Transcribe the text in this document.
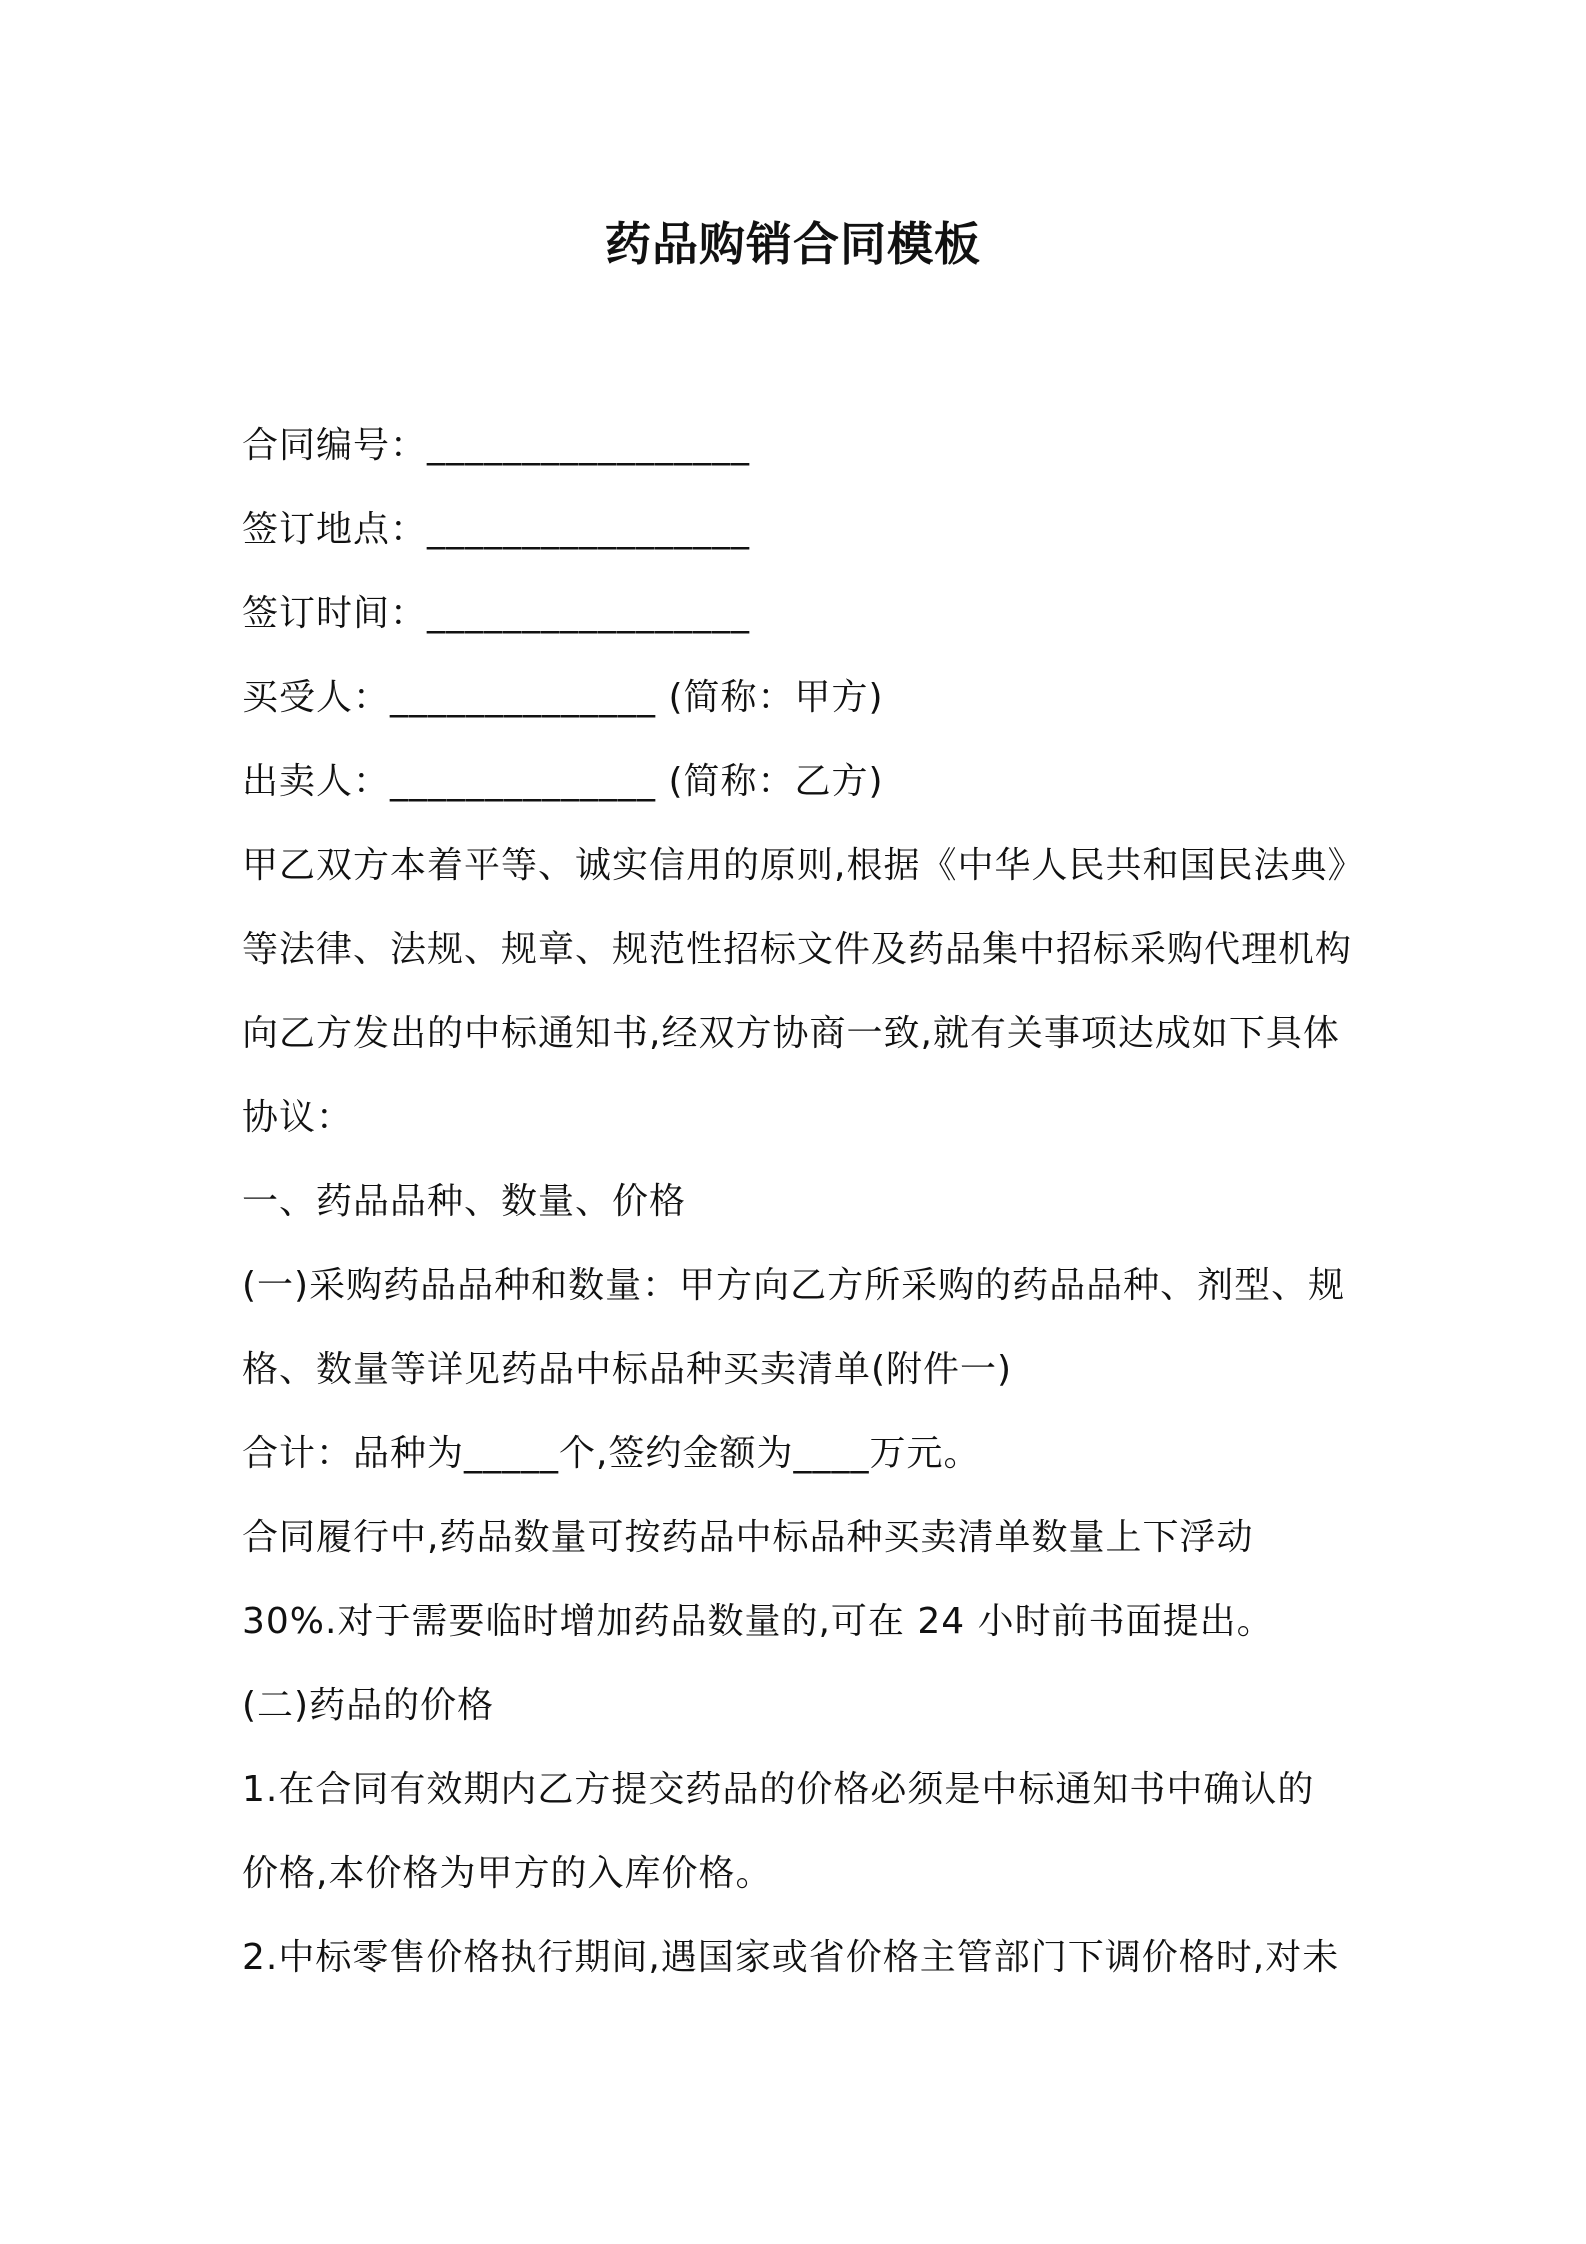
药品购销合同模板
合同编号：_________________
签订地点：_________________
签订时间：_________________
买受人：______________ (简称：甲方)
出卖人：______________ (简称：乙方)
甲乙双方本着平等、诚实信用的原则,根据《中华人民共和国民法典》
等法律、法规、规章、规范性招标文件及药品集中招标采购代理机构
向乙方发出的中标通知书,经双方协商一致,就有关事项达成如下具体
协议：
一、药品品种、数量、价格
(一)采购药品品种和数量：甲方向乙方所采购的药品品种、剂型、规
格、数量等详见药品中标品种买卖清单(附件一)
合计：品种为_____个,签约金额为____万元。
合同履行中,药品数量可按药品中标品种买卖清单数量上下浮动
30%.对于需要临时增加药品数量的,可在 24 小时前书面提出。
(二)药品的价格
1.在合同有效期内乙方提交药品的价格必须是中标通知书中确认的
价格,本价格为甲方的入库价格。
2.中标零售价格执行期间,遇国家或省价格主管部门下调价格时,对未
